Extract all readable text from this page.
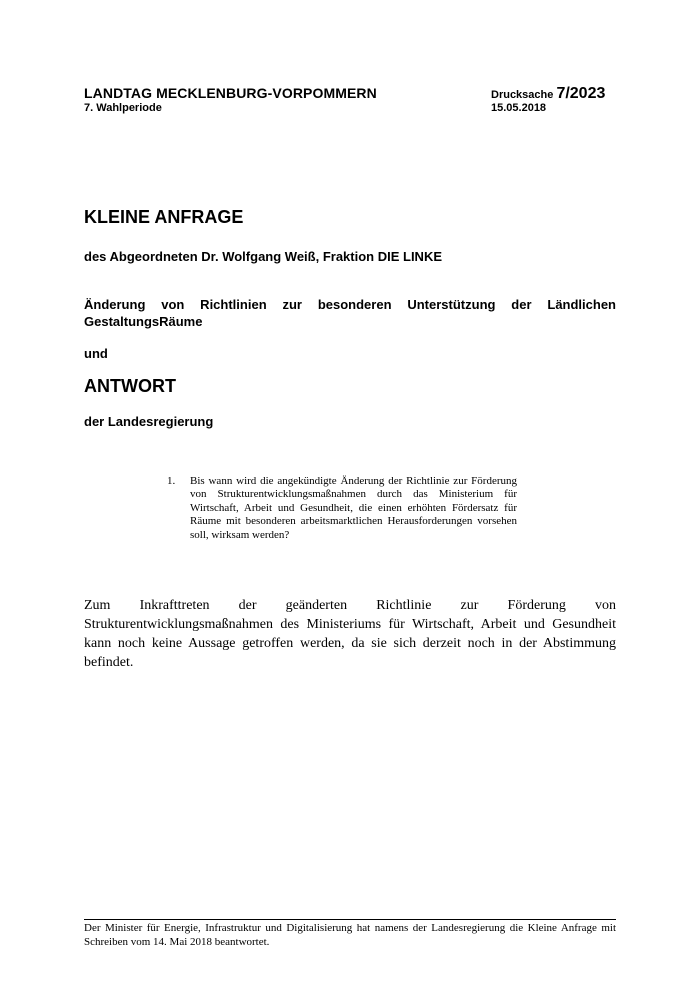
LANDTAG MECKLENBURG-VORPOMMERN
7. Wahlperiode
Drucksache 7/2023
15.05.2018
KLEINE ANFRAGE
des Abgeordneten Dr. Wolfgang Weiß, Fraktion DIE LINKE
Änderung von Richtlinien zur besonderen Unterstützung der Ländlichen GestaltungsRäume
und
ANTWORT
der Landesregierung
1. Bis wann wird die angekündigte Änderung der Richtlinie zur Förderung von Strukturentwicklungsmaßnahmen durch das Ministerium für Wirtschaft, Arbeit und Gesundheit, die einen erhöhten Fördersatz für Räume mit besonderen arbeitsmarktlichen Herausforderungen vorsehen soll, wirksam werden?
Zum Inkrafttreten der geänderten Richtlinie zur Förderung von Strukturentwicklungsmaßnahmen des Ministeriums für Wirtschaft, Arbeit und Gesundheit kann noch keine Aussage getroffen werden, da sie sich derzeit noch in der Abstimmung befindet.
Der Minister für Energie, Infrastruktur und Digitalisierung hat namens der Landesregierung die Kleine Anfrage mit Schreiben vom 14. Mai 2018 beantwortet.
